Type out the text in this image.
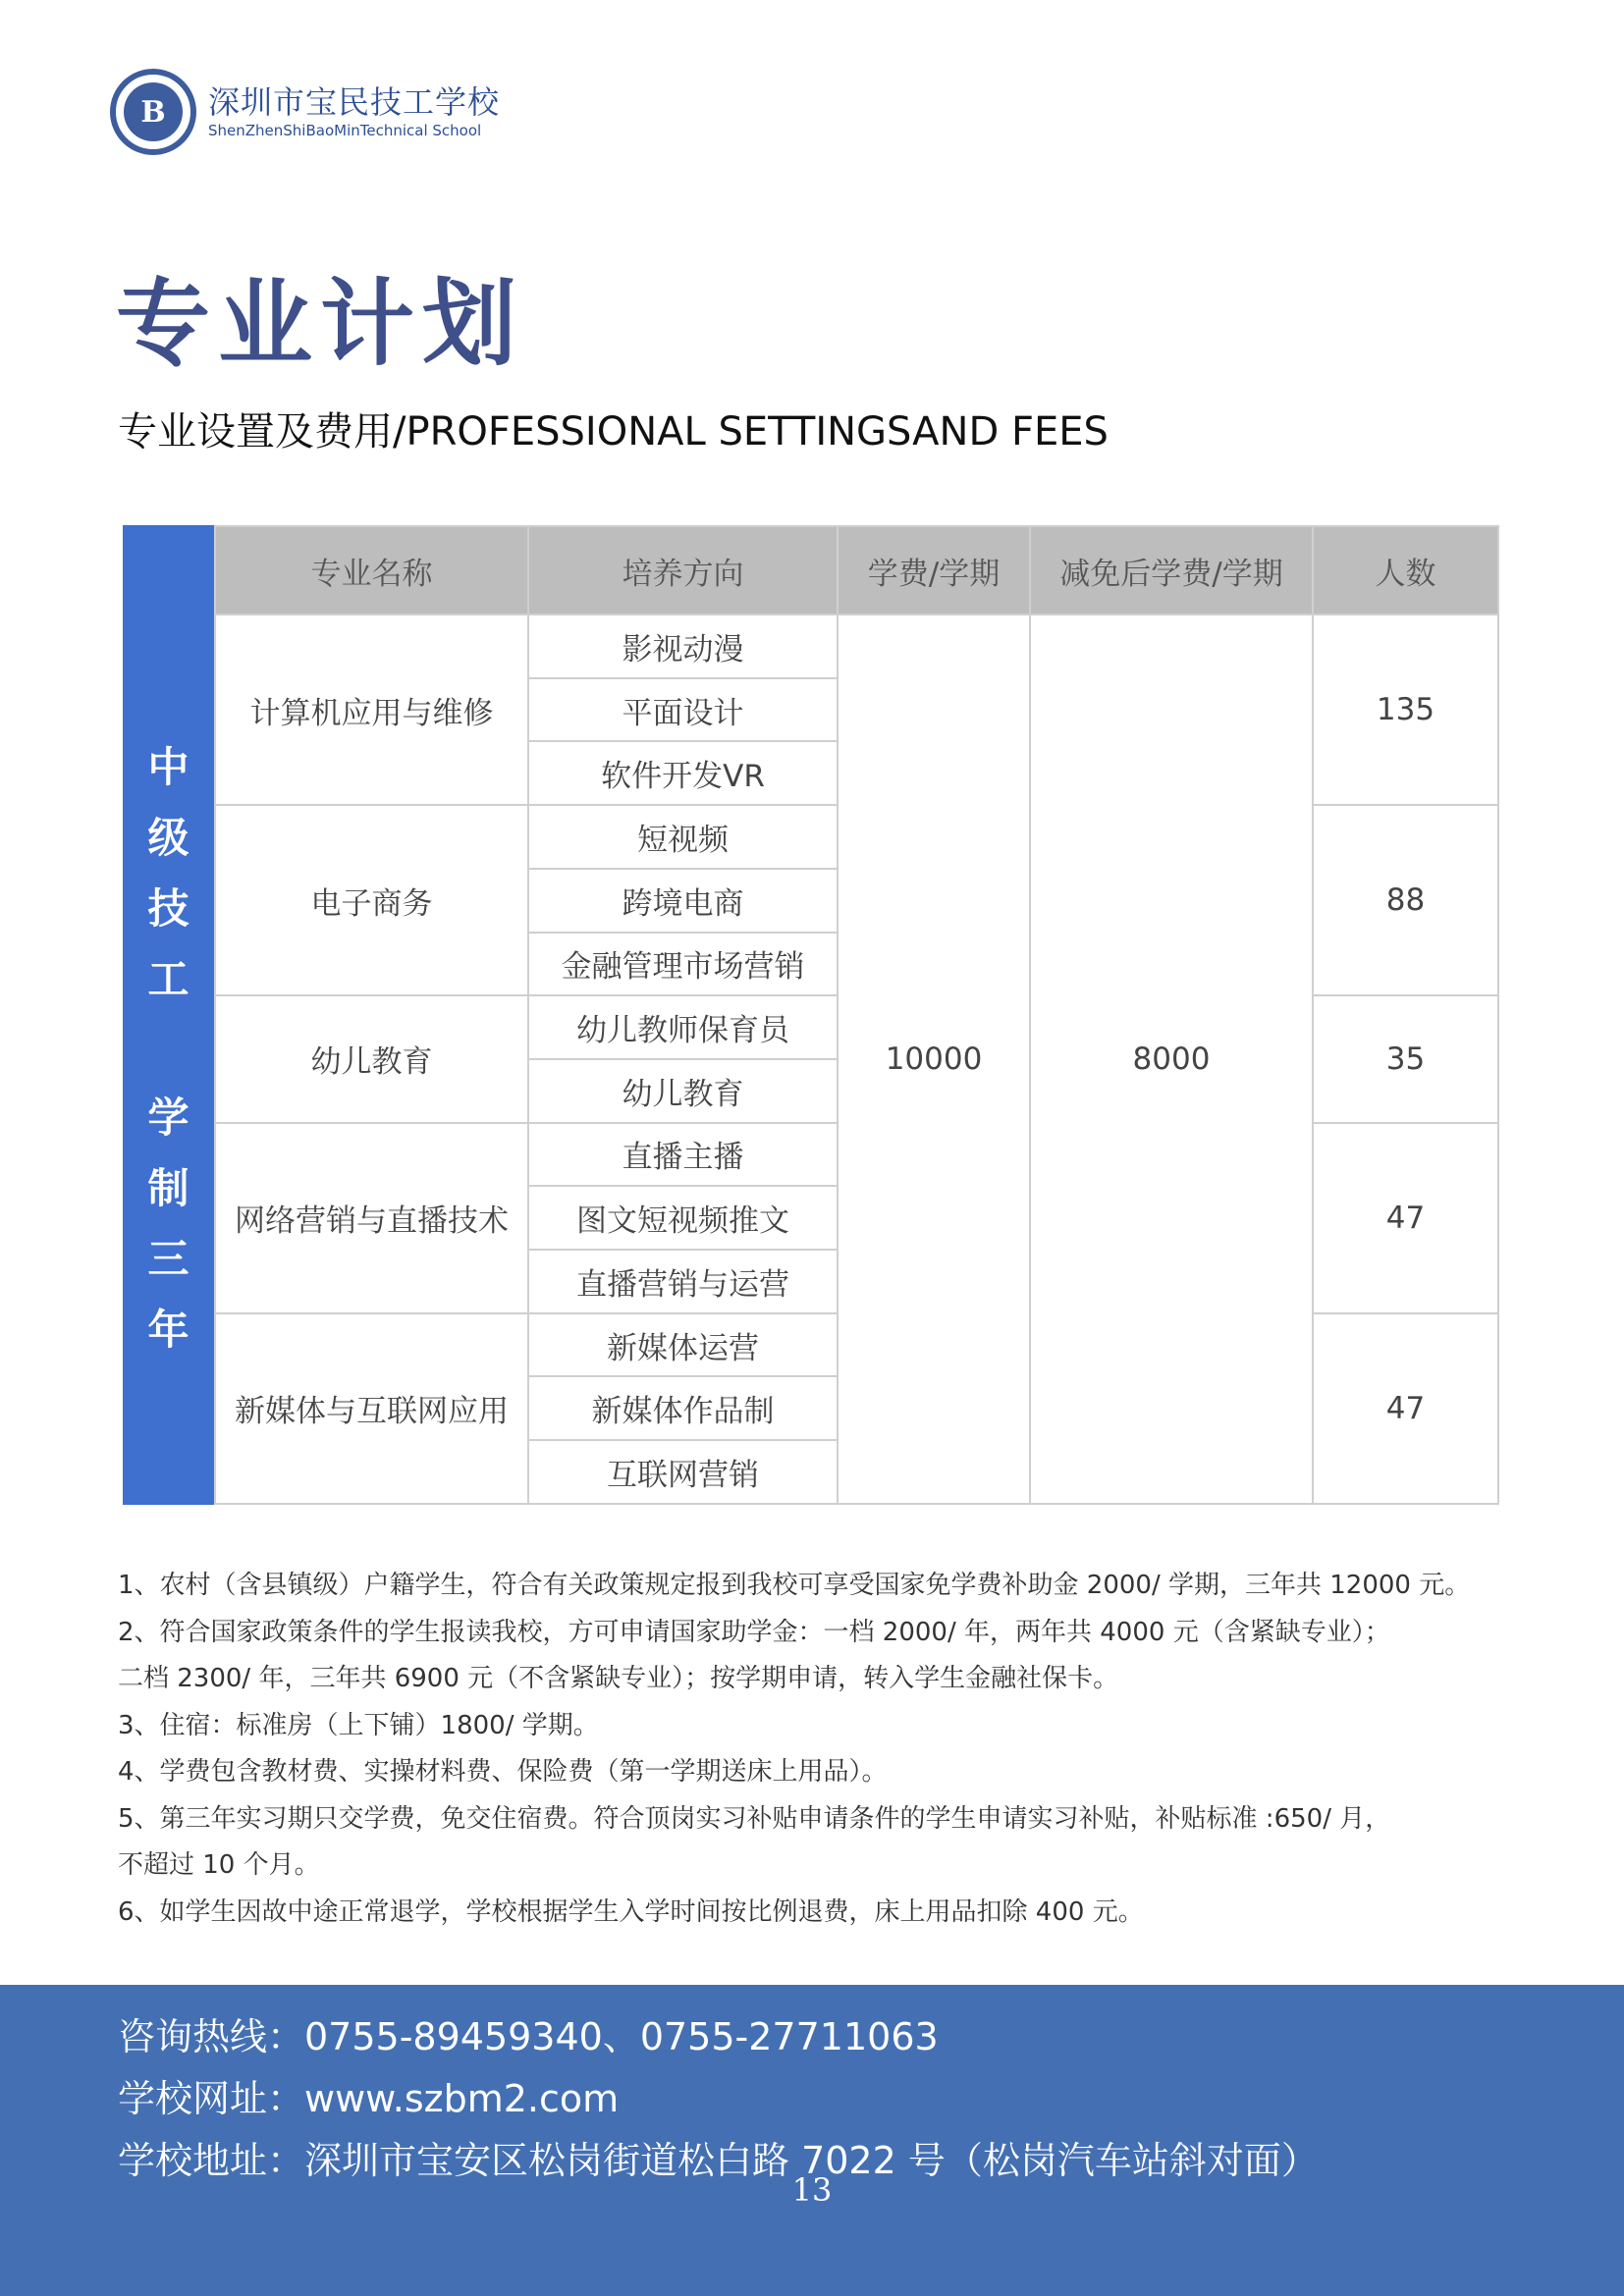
B	深圳市宝民技工学校
ShenZhenShiBaoMinTechnical School
专业计划
专业设置及费用/PROFESSIONAL SETTINGSAND FEES
中
级
技
工
学
制
三
年
专业名称	培养方向	学费/学期	减免后学费/学期	人数
计算机应用与维修	影视动漫	10000	8000	135
	平面设计			
	软件开发VR			
电子商务	短视频			88
	跨境电商			
	金融管理市场营销			
幼儿教育	幼儿教师保育员			35
	幼儿教育			
网络营销与直播技术	直播主播			47
	图文短视频推文			
	直播营销与运营			
新媒体与互联网应用	新媒体运营			47
	新媒体作品制			
	互联网营销			

1、农村（含县镇级）户籍学生，符合有关政策规定报到我校可享受国家免学费补助金 2000/ 学期，三年共 12000 元。

2、符合国家政策条件的学生报读我校，方可申请国家助学金：一档 2000/ 年，两年共 4000 元（含紧缺专业）；

二档 2300/ 年，三年共 6900 元（不含紧缺专业）；按学期申请，转入学生金融社保卡。

3、住宿：标准房（上下铺）1800/ 学期。

4、学费包含教材费、实操材料费、保险费（第一学期送床上用品）。

5、第三年实习期只交学费，免交住宿费。符合顶岗实习补贴申请条件的学生申请实习补贴，补贴标准 :650/ 月，

不超过 10 个月。

6、如学生因故中途正常退学，学校根据学生入学时间按比例退费，床上用品扣除 400 元。

咨询热线：0755-89459340、0755-27711063
学校网址：www.szbm2.com
学校地址：深圳市宝安区松岗街道松白路 7022 号（松岗汽车站斜对面）
13
